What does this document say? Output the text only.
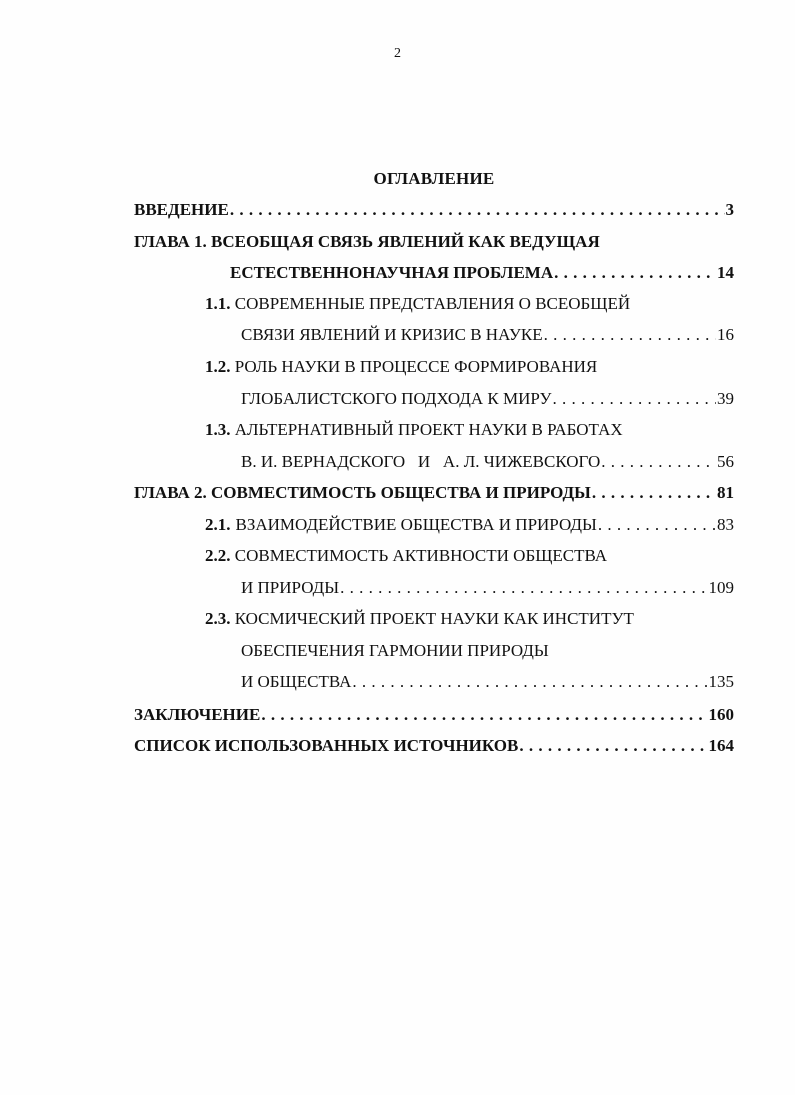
2
ОГЛАВЛЕНИЕ
ВВЕДЕНИЕ . . .	3
ГЛАВА 1. ВСЕОБЩАЯ СВЯЗЬ ЯВЛЕНИЙ КАК ВЕДУЩАЯ
ЕСТЕСТВЕННОНАУЧНАЯ ПРОБЛЕМА . . .	14
1.1. СОВРЕМЕННЫЕ ПРЕДСТАВЛЕНИЯ О ВСЕОБЩЕЙ
СВЯЗИ ЯВЛЕНИЙ И КРИЗИС В НАУКЕ . . .	16
1.2. РОЛЬ НАУКИ В ПРОЦЕССЕ ФОРМИРОВАНИЯ
ГЛОБАЛИСТСКОГО ПОДХОДА К МИРУ . . .	39
1.3. АЛЬТЕРНАТИВНЫЙ ПРОЕКТ НАУКИ В РАБОТАХ
В. И. ВЕРНАДСКОГО   И   А. Л. ЧИЖЕВСКОГО . . .	56
ГЛАВА 2. СОВМЕСТИМОСТЬ ОБЩЕСТВА И ПРИРОДЫ . . .	81
2.1. ВЗАИМОДЕЙСТВИЕ ОБЩЕСТВА И ПРИРОДЫ . . .	83
2.2. СОВМЕСТИМОСТЬ АКТИВНОСТИ ОБЩЕСТВА
И ПРИРОДЫ . . .	109
2.3. КОСМИЧЕСКИЙ ПРОЕКТ НАУКИ КАК ИНСТИТУТ
ОБЕСПЕЧЕНИЯ ГАРМОНИИ ПРИРОДЫ
И ОБЩЕСТВА . . .	135
ЗАКЛЮЧЕНИЕ . . .	160
СПИСОК ИСПОЛЬЗОВАННЫХ ИСТОЧНИКОВ . . .	164
